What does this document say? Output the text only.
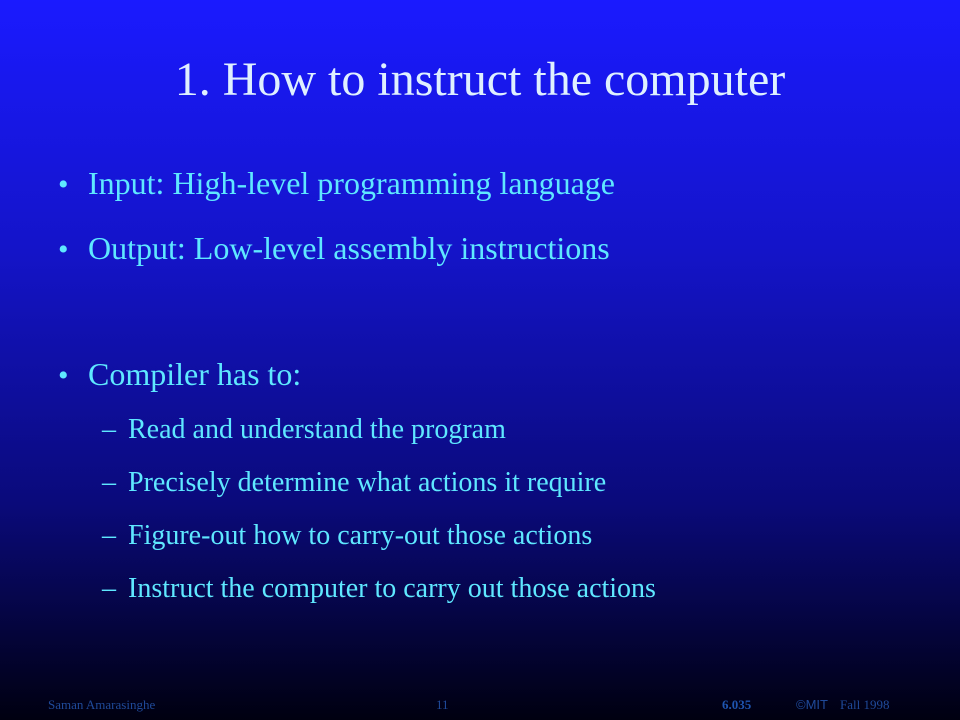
1. How to instruct the computer
• Input: High-level programming language
• Output: Low-level assembly instructions
• Compiler has to:
– Read and understand the program
– Precisely determine what actions it require
– Figure-out how to carry-out those actions
– Instruct the computer to carry out those actions
Saman Amarasinghe	11	6.035	©MIT Fall 1998
